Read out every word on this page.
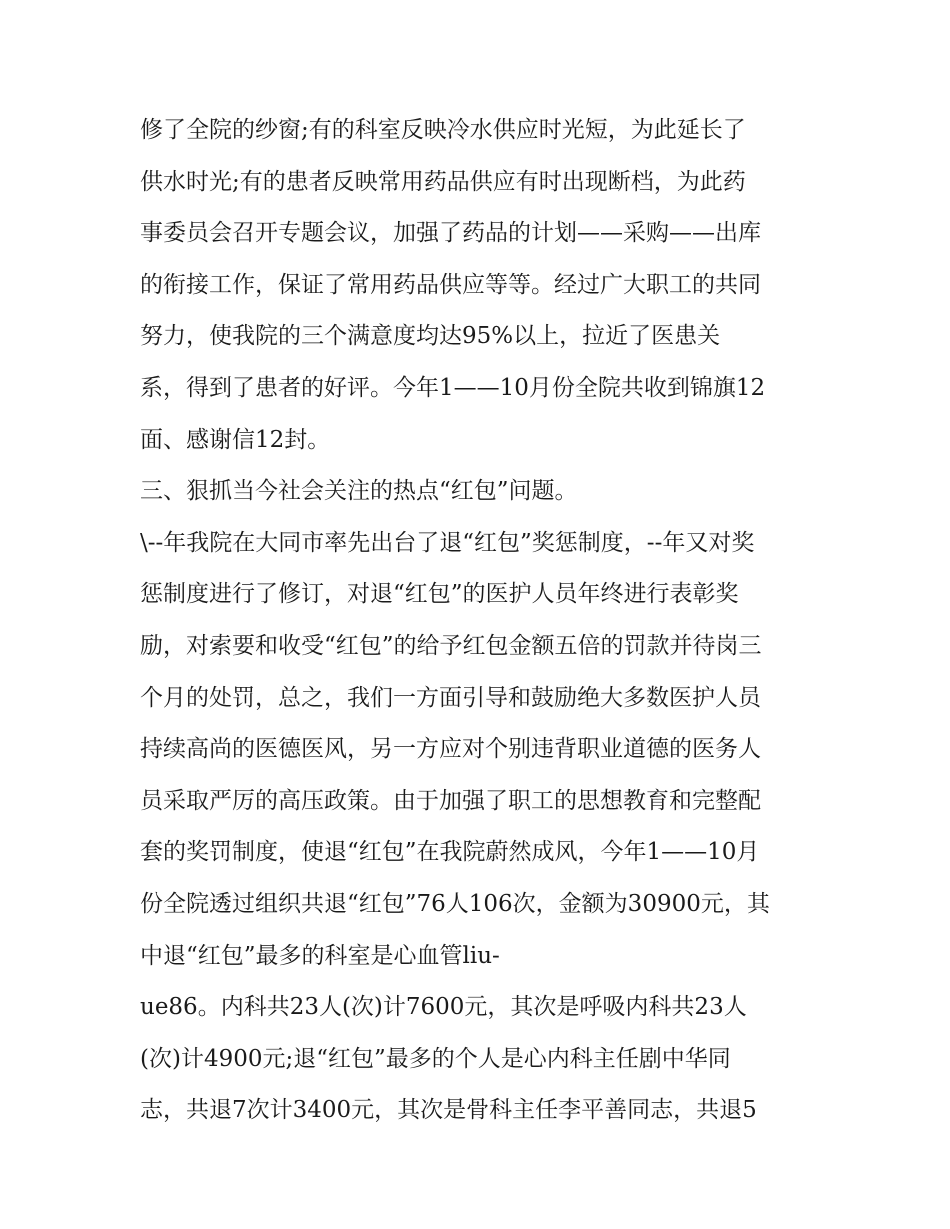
修了全院的纱窗;有的科室反映冷水供应时光短，为此延长了
供水时光;有的患者反映常用药品供应有时出现断档，为此药
事委员会召开专题会议，加强了药品的计划——采购——出库
的衔接工作，保证了常用药品供应等等。经过广大职工的共同
努力，使我院的三个满意度均达95%以上，拉近了医患关
系，得到了患者的好评。今年1——10月份全院共收到锦旗12
面、感谢信12封。
三、狠抓当今社会关注的热点“红包”问题。
\--年我院在大同市率先出台了退“红包”奖惩制度，--年又对奖
惩制度进行了修订，对退“红包”的医护人员年终进行表彰奖
励，对索要和收受“红包”的给予红包金额五倍的罚款并待岗三
个月的处罚，总之，我们一方面引导和鼓励绝大多数医护人员
持续高尚的医德医风，另一方应对个别违背职业道德的医务人
员采取严厉的高压政策。由于加强了职工的思想教育和完整配
套的奖罚制度，使退“红包”在我院蔚然成风，今年1——10月
份全院透过组织共退“红包”76人106次，金额为30900元，其
中退“红包”最多的科室是心血管liu-
ue86。内科共23人(次)计7600元，其次是呼吸内科共23人
(次)计4900元;退“红包”最多的个人是心内科主任剧中华同
志，共退7次计3400元，其次是骨科主任李平善同志，共退5
